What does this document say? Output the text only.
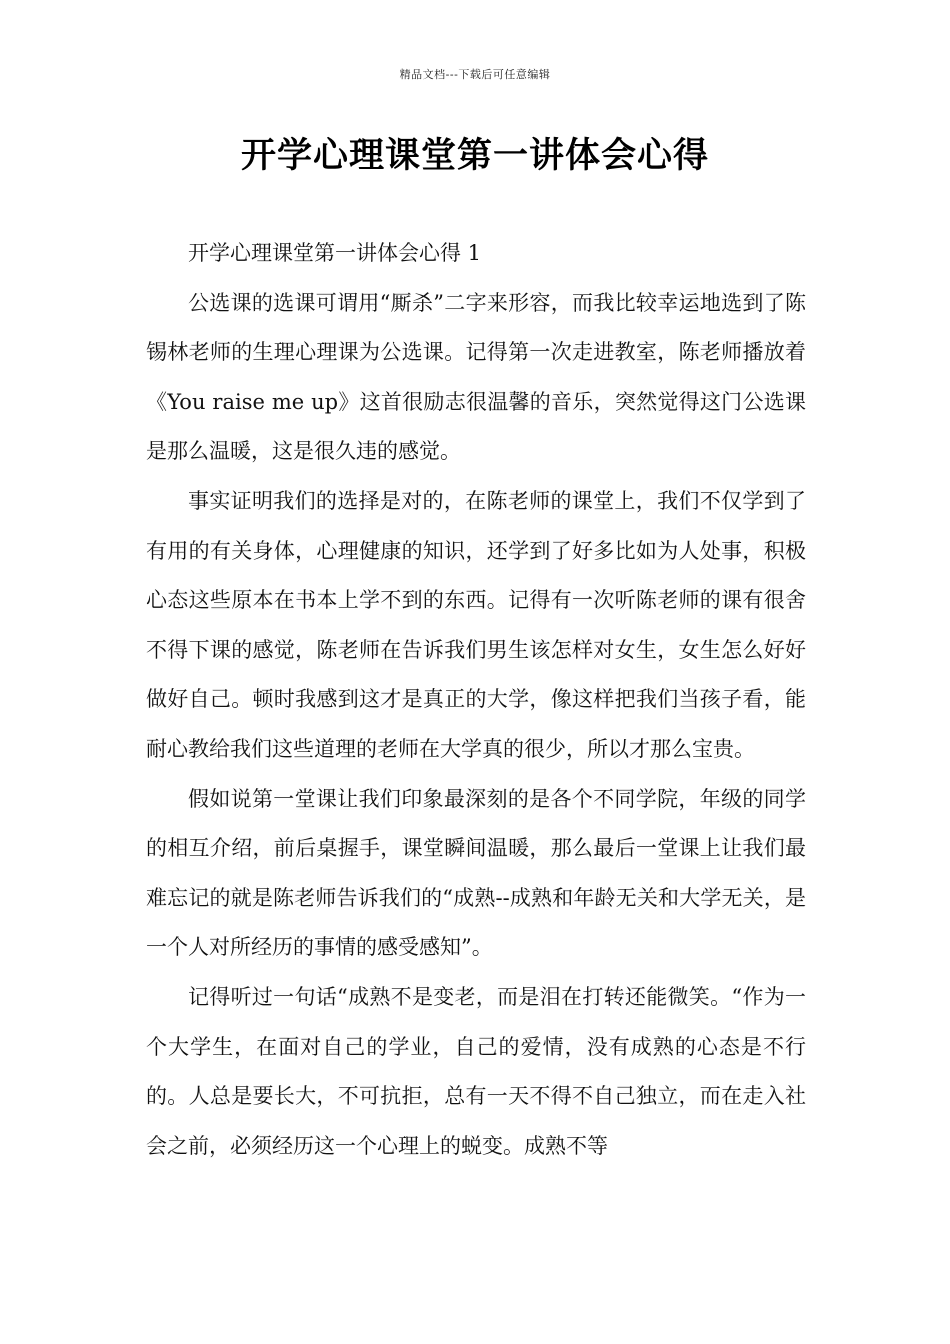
精品文档---下载后可任意编辑
开学心理课堂第一讲体会心得

开学心理课堂第一讲体会心得 1

公选课的选课可谓用“厮杀”二字来形容，而我比较幸运地选到了陈锡林老师的生理心理课为公选课。记得第一次走进教室，陈老师播放着《You raise me up》这首很励志很温馨的音乐，突然觉得这门公选课是那么温暖，这是很久违的感觉。

事实证明我们的选择是对的，在陈老师的课堂上，我们不仅学到了有用的有关身体，心理健康的知识，还学到了好多比如为人处事，积极心态这些原本在书本上学不到的东西。记得有一次听陈老师的课有很舍不得下课的感觉，陈老师在告诉我们男生该怎样对女生，女生怎么好好做好自己。顿时我感到这才是真正的大学，像这样把我们当孩子看，能耐心教给我们这些道理的老师在大学真的很少，所以才那么宝贵。

假如说第一堂课让我们印象最深刻的是各个不同学院，年级的同学的相互介绍，前后桌握手，课堂瞬间温暖，那么最后一堂课上让我们最难忘记的就是陈老师告诉我们的“成熟--成熟和年龄无关和大学无关，是一个人对所经历的事情的感受感知”。

记得听过一句话“成熟不是变老，而是泪在打转还能微笑。“作为一个大学生，在面对自己的学业，自己的爱情，没有成熟的心态是不行的。人总是要长大，不可抗拒，总有一天不得不自己独立，而在走入社会之前，必须经历这一个心理上的蜕变。成熟不等
